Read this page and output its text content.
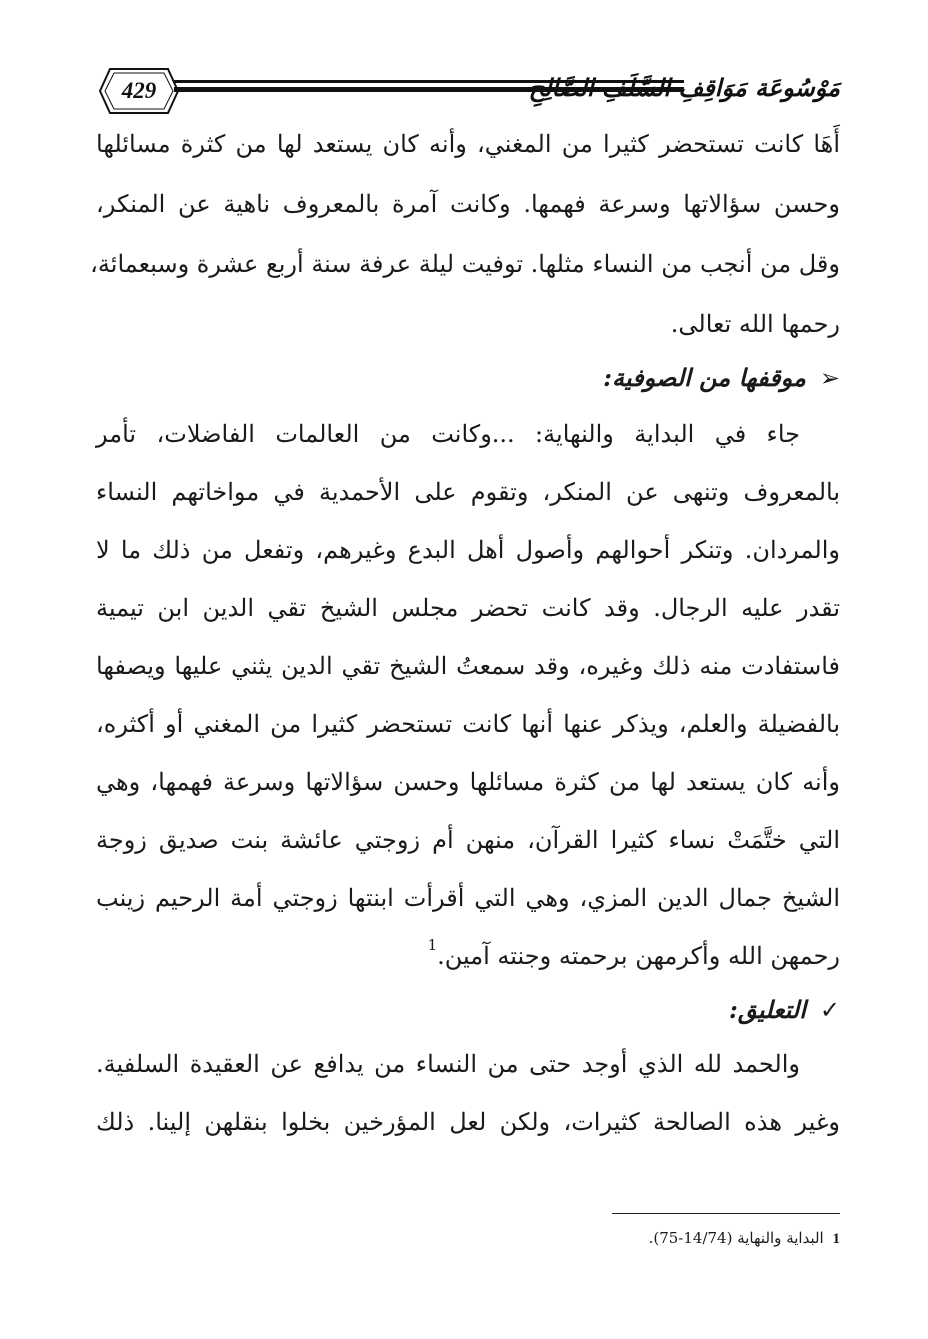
429	مَوْسُوعَة مَوَاقِفِ السَّلَفِ الصَّالِحِ
أَهَا كانت تستحضر كثيرا من المغني، وأنه كان يستعد لها من كثرة مسائلها
وحسن سؤالاتها وسرعة فهمها. وكانت آمرة بالمعروف ناهية عن المنكر،
وقل من أنجب من النساء مثلها. توفيت ليلة عرفة سنة أربع عشرة وسبعمائة،
رحمها الله تعالى.
➢
موقفها من الصوفية:
جاء في البداية والنهاية: ...وكانت من العالمات الفاضلات، تأمر
بالمعروف وتنهى عن المنكر، وتقوم على الأحمدية في مواخاتهم النساء
والمردان. وتنكر أحوالهم وأصول أهل البدع وغيرهم، وتفعل من ذلك ما لا
تقدر عليه الرجال. وقد كانت تحضر مجلس الشيخ تقي الدين ابن تيمية
فاستفادت منه ذلك وغيره، وقد سمعتُ الشيخ تقي الدين يثني عليها ويصفها
بالفضيلة والعلم، ويذكر عنها أنها كانت تستحضر كثيرا من المغني أو أكثره،
وأنه كان يستعد لها من كثرة مسائلها وحسن سؤالاتها وسرعة فهمها، وهي
التي ختَّمَتْ نساء كثيرا القرآن، منهن أم زوجتي عائشة بنت صديق زوجة
الشيخ جمال الدين المزي، وهي التي أقرأت ابنتها زوجتي أمة الرحيم زينب
رحمهن الله وأكرمهن برحمته وجنته آمين.$^1$
✓
التعليق:
والحمد لله الذي أوجد حتى من النساء من يدافع عن العقيدة السلفية.
وغير هذه الصالحة كثيرات، ولكن لعل المؤرخين بخلوا بنقلهن إلينا. ذلك
1 البداية والنهاية (14/74-75).
